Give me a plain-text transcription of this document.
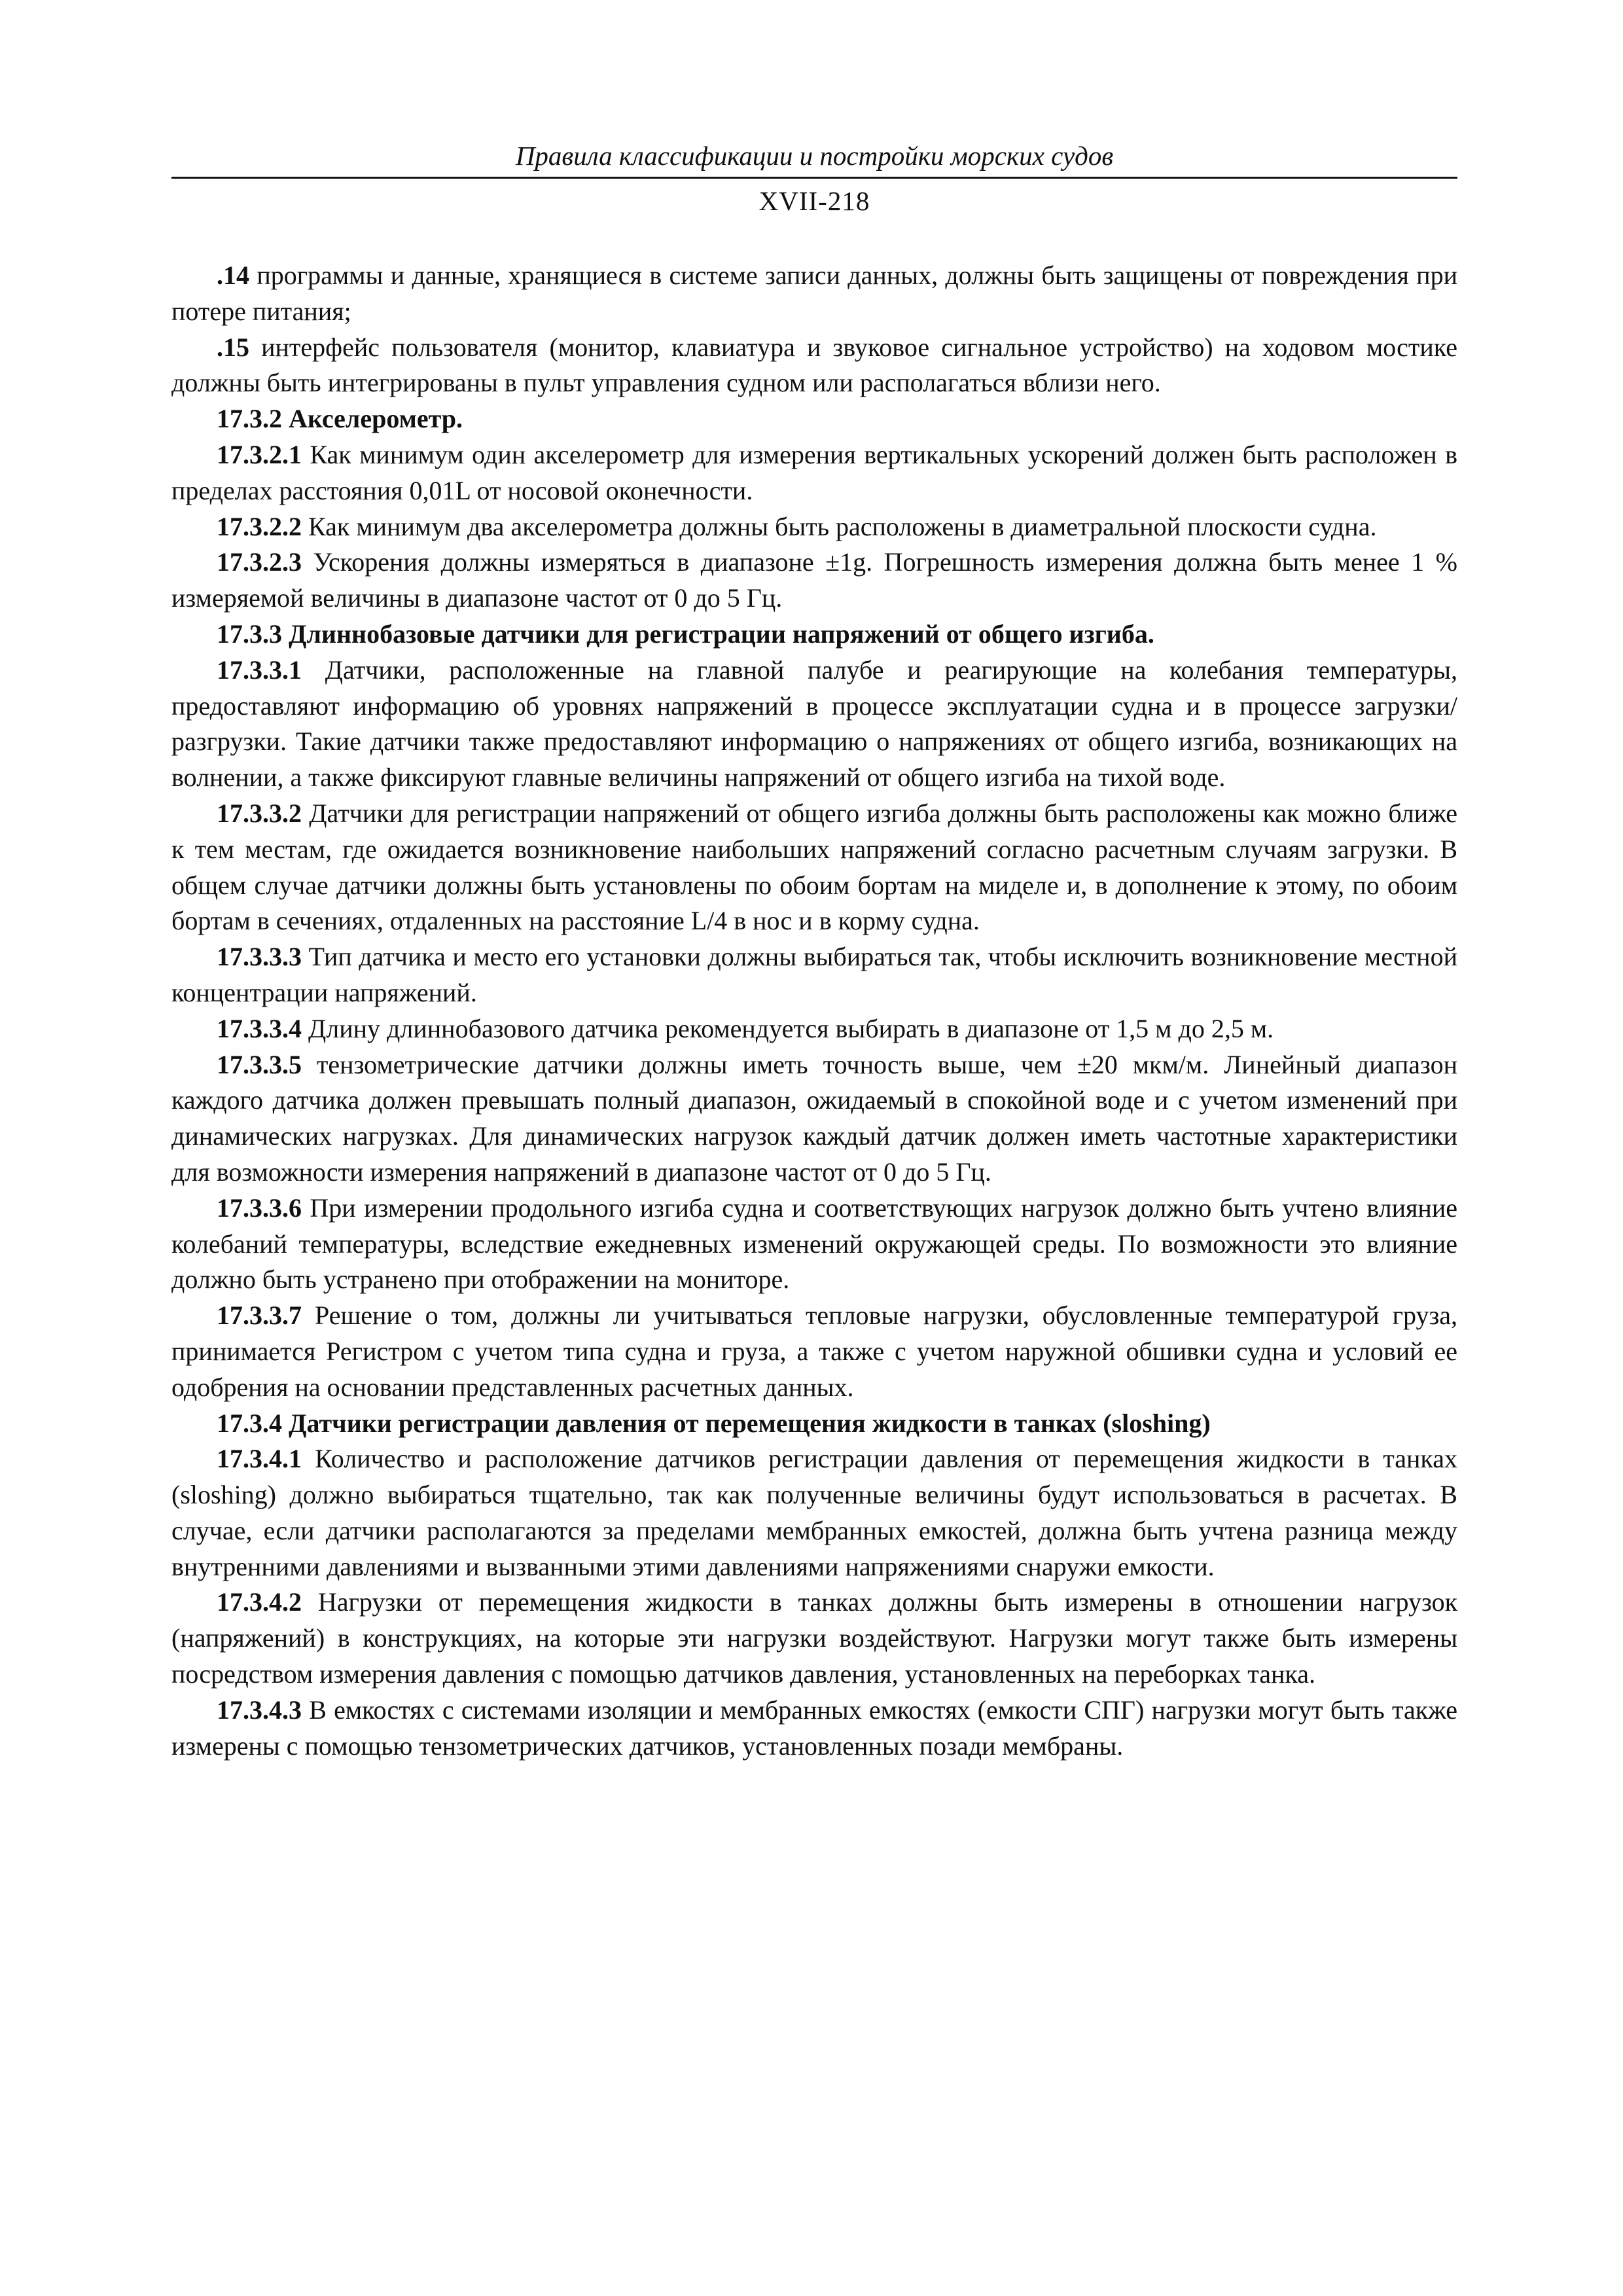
Правила классификации и постройки морских судов
XVII-218

.14 программы и данные, хранящиеся в системе записи данных, должны быть защищены от повреждения при потере питания;

.15 интерфейс пользователя (монитор, клавиатура и звуковое сигнальное устройство) на ходовом мостике должны быть интегрированы в пульт управления судном или располагаться вблизи него.

17.3.2 Акселерометр.

17.3.2.1 Как минимум один акселерометр для измерения вертикальных ускорений должен быть расположен в пределах расстояния 0,01L от носовой оконечности.

17.3.2.2 Как минимум два акселерометра должны быть расположены в диаметральной плоскости судна.

17.3.2.3 Ускорения должны измеряться в диапазоне ±1g. Погрешность измерения должна быть менее 1 % измеряемой величины в диапазоне частот от 0 до 5 Гц.

17.3.3 Длиннобазовые датчики для регистрации напряжений от общего изгиба.

17.3.3.1 Датчики, расположенные на главной палубе и реагирующие на колебания температуры, предоставляют информацию об уровнях напряжений в процессе эксплуатации судна и в процессе загрузки/разгрузки. Такие датчики также предоставляют информацию о напряжениях от общего изгиба, возникающих на волнении, а также фиксируют главные величины напряжений от общего изгиба на тихой воде.

17.3.3.2 Датчики для регистрации напряжений от общего изгиба должны быть расположены как можно ближе к тем местам, где ожидается возникновение наибольших напряжений согласно расчетным случаям загрузки. В общем случае датчики должны быть установлены по обоим бортам на миделе и, в дополнение к этому, по обоим бортам в сечениях, отдаленных на расстояние L/4 в нос и в корму судна.

17.3.3.3 Тип датчика и место его установки должны выбираться так, чтобы исключить возникновение местной концентрации напряжений.

17.3.3.4 Длину длиннобазового датчика рекомендуется выбирать в диапазоне от 1,5 м до 2,5 м.

17.3.3.5 тензометрические датчики должны иметь точность выше, чем ±20 мкм/м. Линейный диапазон каждого датчика должен превышать полный диапазон, ожидаемый в спокойной воде и с учетом изменений при динамических нагрузках. Для динамических нагрузок каждый датчик должен иметь частотные характеристики для возможности измерения напряжений в диапазоне частот от 0 до 5 Гц.

17.3.3.6 При измерении продольного изгиба судна и соответствующих нагрузок должно быть учтено влияние колебаний температуры, вследствие ежедневных изменений окружающей среды. По возможности это влияние должно быть устранено при отображении на мониторе.

17.3.3.7 Решение о том, должны ли учитываться тепловые нагрузки, обусловленные температурой груза, принимается Регистром с учетом типа судна и груза, а также с учетом наружной обшивки судна и условий ее одобрения на основании представленных расчетных данных.

17.3.4 Датчики регистрации давления от перемещения жидкости в танках (sloshing)

17.3.4.1 Количество и расположение датчиков регистрации давления от перемещения жидкости в танках (sloshing) должно выбираться тщательно, так как полученные величины будут использоваться в расчетах. В случае, если датчики располагаются за пределами мембранных емкостей, должна быть учтена разница между внутренними давлениями и вызванными этими давлениями напряжениями снаружи емкости.

17.3.4.2 Нагрузки от перемещения жидкости в танках должны быть измерены в отношении нагрузок (напряжений) в конструкциях, на которые эти нагрузки воздействуют. Нагрузки могут также быть измерены посредством измерения давления с помощью датчиков давления, установленных на переборках танка.

17.3.4.3 В емкостях с системами изоляции и мембранных емкостях (емкости СПГ) нагрузки могут быть также измерены с помощью тензометрических датчиков, установленных позади мембраны.
